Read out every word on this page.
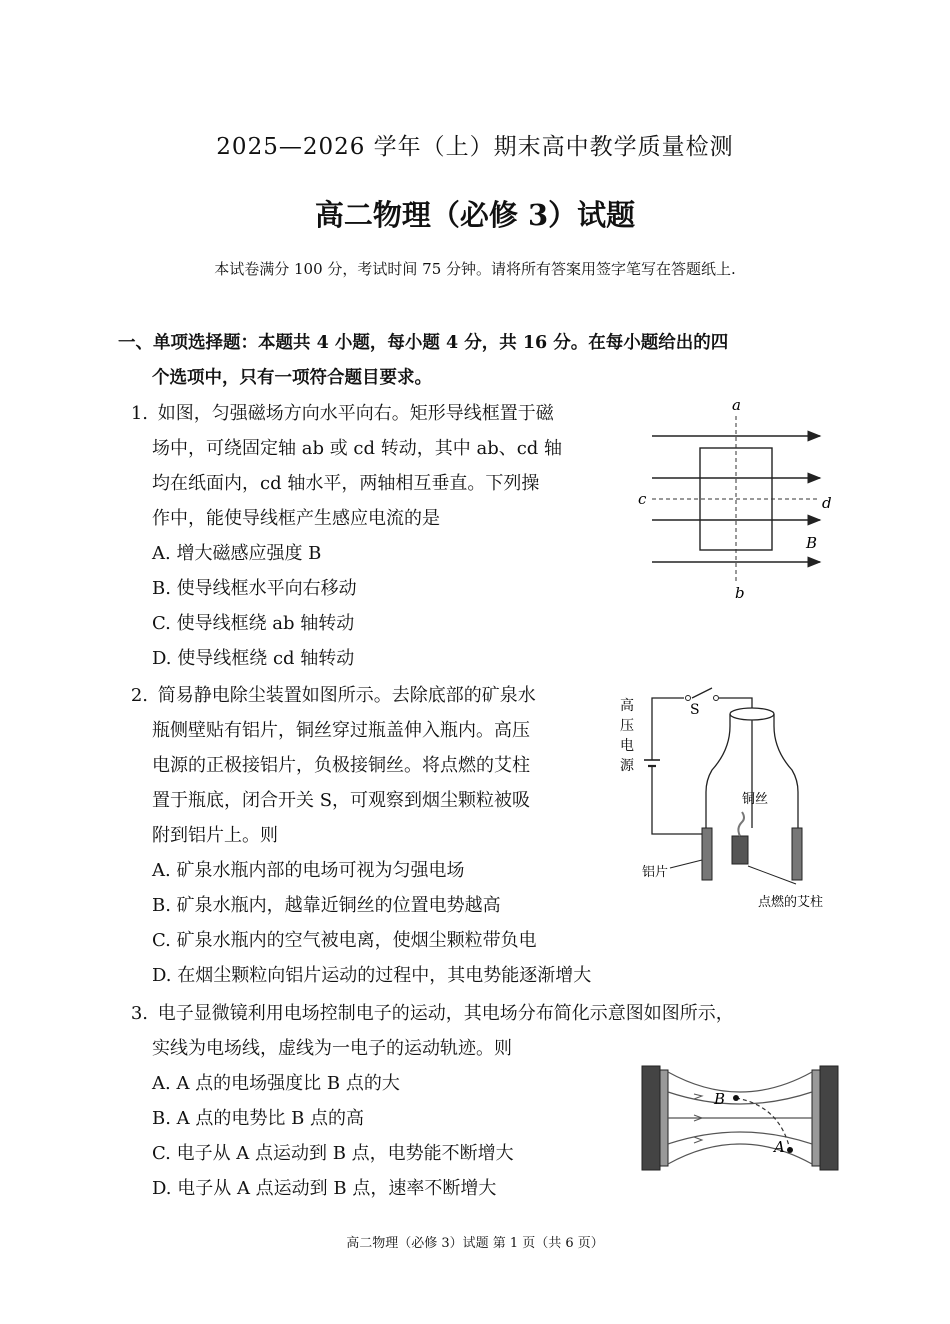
2025—2026 学年（上）期末高中教学质量检测
高二物理（必修 3）试题
本试卷满分 100 分，考试时间 75 分钟。请将所有答案用签字笔写在答题纸上.
一、单项选择题：本题共 4 小题，每小题 4 分，共 16 分。在每小题给出的四
个选项中，只有一项符合题目要求。
1. 如图，匀强磁场方向水平向右。矩形导线框置于磁
场中，可绕固定轴 ab 或 cd 转动，其中 ab、cd 轴
均在纸面内，cd 轴水平，两轴相互垂直。下列操
作中，能使导线框产生感应电流的是
A. 增大磁感应强度 B
B. 使导线框水平向右移动
C. 使导线框绕 ab 轴转动
D. 使导线框绕 cd 轴转动
a
b
c	d
B
2. 简易静电除尘装置如图所示。去除底部的矿泉水
瓶侧壁贴有铝片，铜丝穿过瓶盖伸入瓶内。高压
电源的正极接铝片，负极接铜丝。将点燃的艾柱
置于瓶底，闭合开关 S，可观察到烟尘颗粒被吸
附到铝片上。则
A. 矿泉水瓶内部的电场可视为匀强电场
B. 矿泉水瓶内，越靠近铜丝的位置电势越高
C. 矿泉水瓶内的空气被电离，使烟尘颗粒带负电
D. 在烟尘颗粒向铝片运动的过程中，其电势能逐渐增大
S
高
压
电
源
铜丝
铝片
点燃的艾柱
3. 电子显微镜利用电场控制电子的运动，其电场分布简化示意图如图所示，
实线为电场线，虚线为一电子的运动轨迹。则
A. A 点的电场强度比 B 点的大
B. A 点的电势比 B 点的高
C. 电子从 A 点运动到 B 点，电势能不断增大
D. 电子从 A 点运动到 B 点，速率不断增大
B
A
高二物理（必修 3）试题 第 1 页（共 6 页）
